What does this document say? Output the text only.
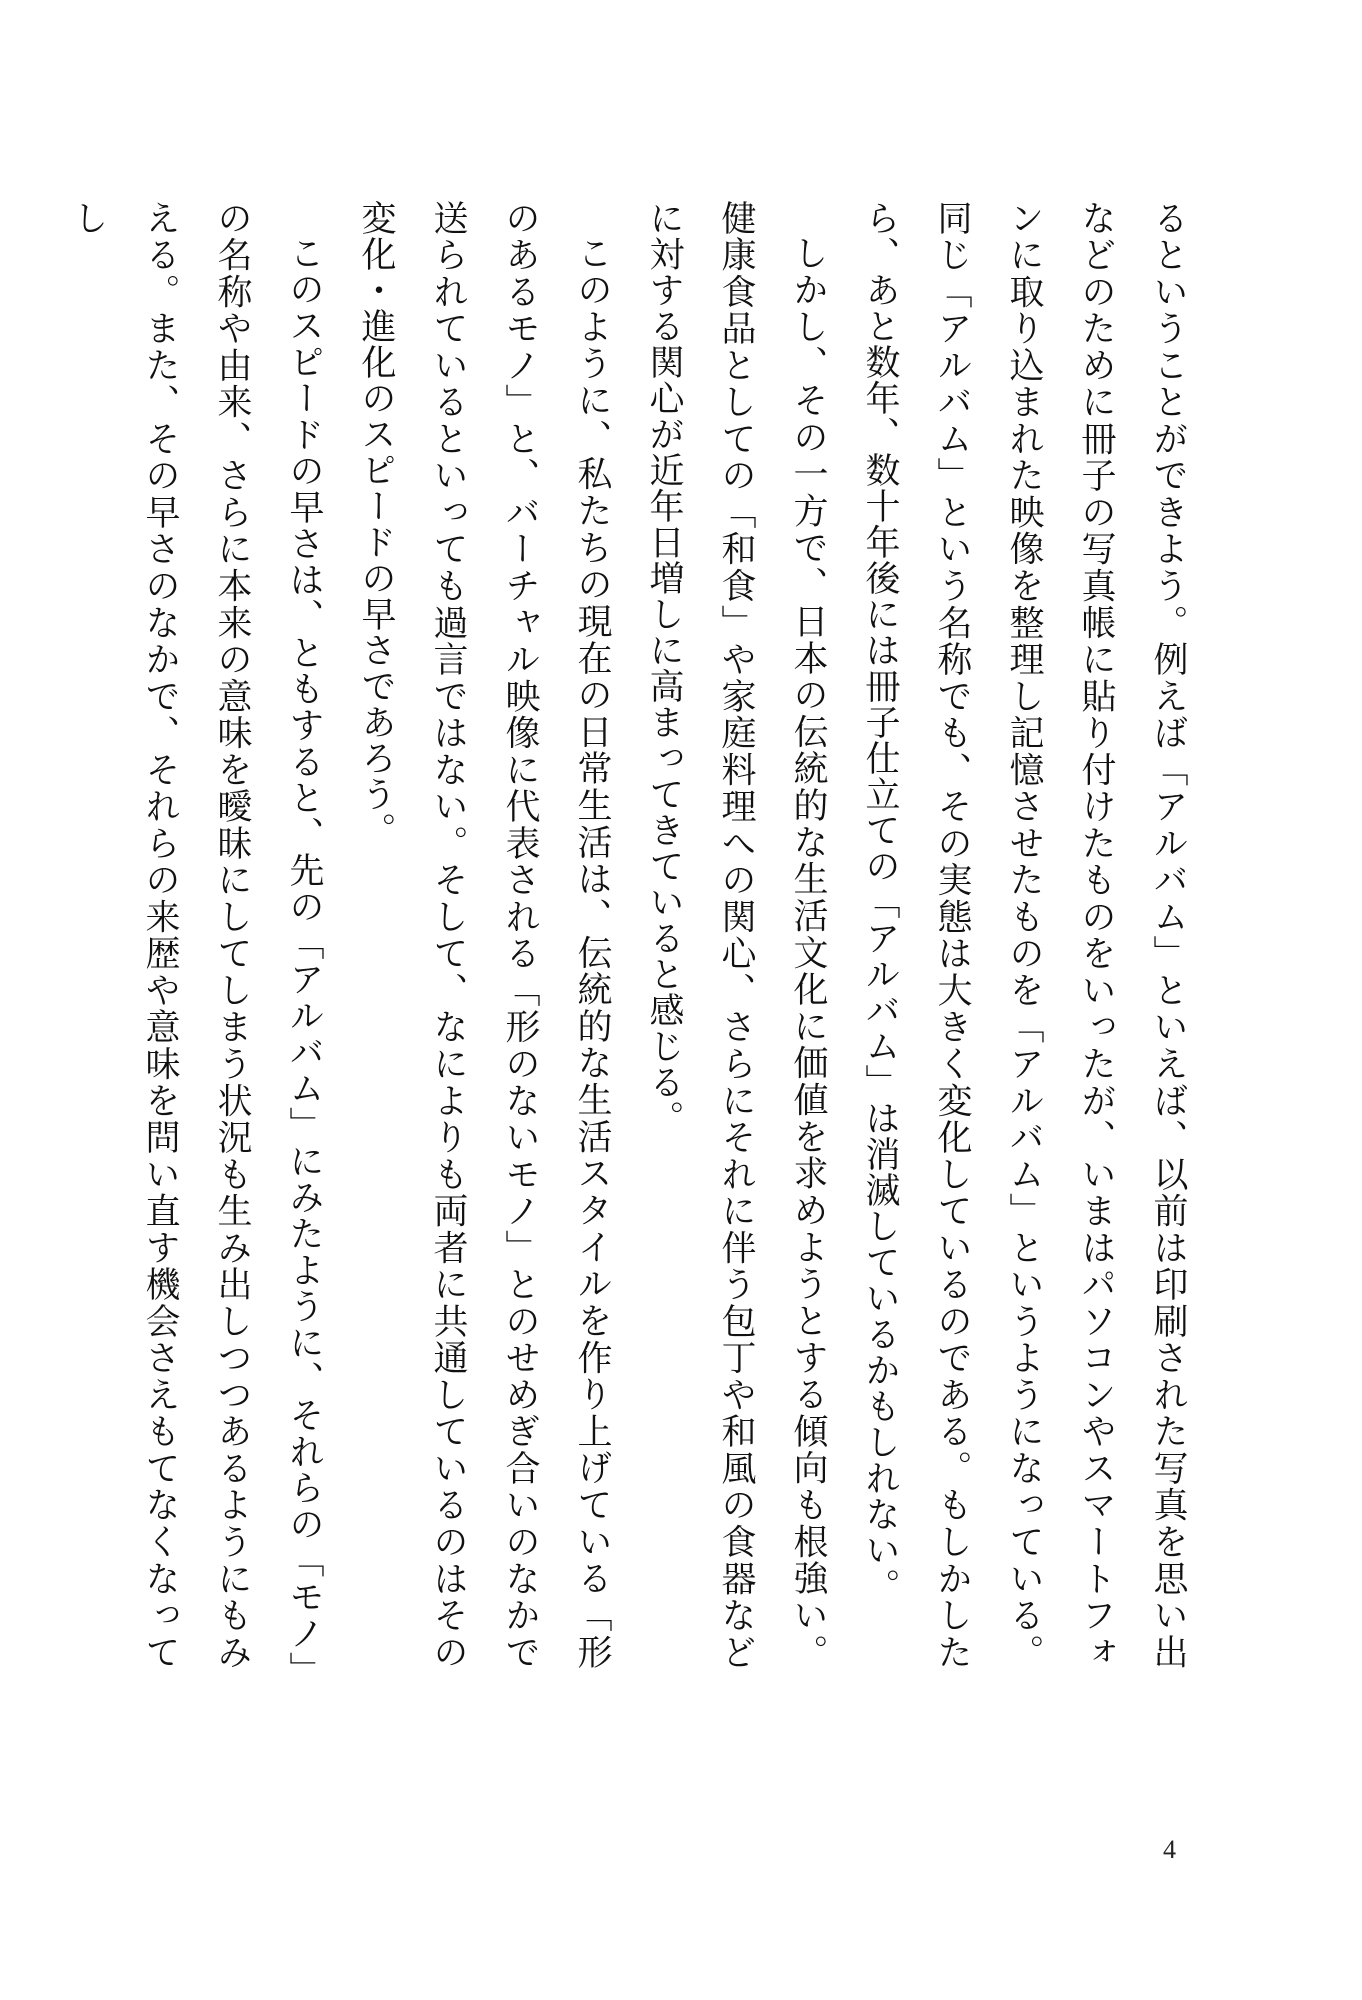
るということができよう。例えば「アルバム」といえば、以前は印刷された写真を思い出などのために冊子の写真帳に貼り付けたものをいったが、いまはパソコンやスマートフォンに取り込まれた映像を整理し記憶させたものを「アルバム」というようになっている。同じ「アルバム」という名称でも、その実態は大きく変化しているのである。もしかしたら、あと数年、数十年後には冊子仕立ての「アルバム」は消滅しているかもしれない。

しかし、その一方で、日本の伝統的な生活文化に価値を求めようとする傾向も根強い。健康食品としての「和食」や家庭料理への関心、さらにそれに伴う包丁や和風の食器などに対する関心が近年日増しに高まってきていると感じる。

このように、私たちの現在の日常生活は、伝統的な生活スタイルを作り上げている「形のあるモノ」と、バーチャル映像に代表される「形のないモノ」とのせめぎ合いのなかで送られているといっても過言ではない。そして、なによりも両者に共通しているのはその変化・進化のスピードの早さであろう。

このスピードの早さは、ともすると、先の「アルバム」にみたように、それらの「モノ」の名称や由来、さらに本来の意味を曖昧にしてしまう状況も生み出しつつあるようにもみえる。また、その早さのなかで、それらの来歴や意味を問い直す機会さえもてなくなってし

4
